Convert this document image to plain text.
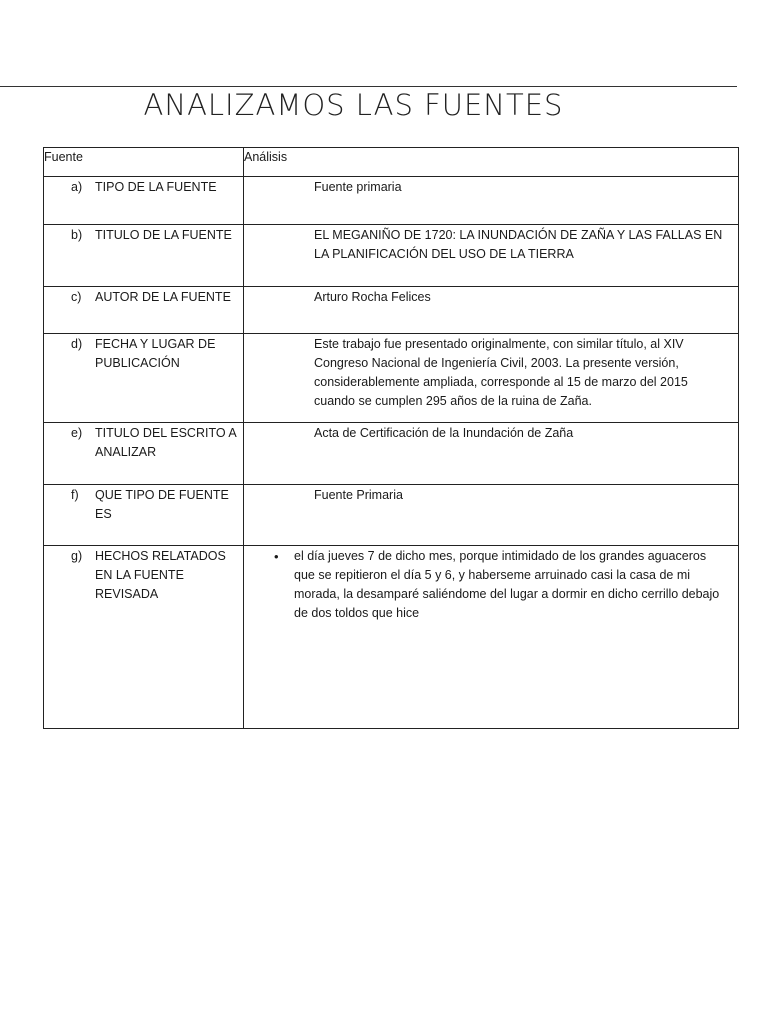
ANALIZAMOS LAS FUENTES
Fuente	Análisis

a) TIPO DE LA FUENTE	Fuente primaria

b) TITULO DE LA FUENTE	EL MEGANIÑO DE 1720: LA INUNDACIÓN DE ZAÑA Y LAS FALLAS EN LA PLANIFICACIÓN DEL USO DE LA TIERRA

c) AUTOR DE LA FUENTE	Arturo Rocha Felices

d) FECHA Y LUGAR DE PUBLICACIÓN	Este trabajo fue presentado originalmente, con similar título, al XIV Congreso Nacional de Ingeniería Civil, 2003. La presente versión, considerablemente ampliada, corresponde al 15 de marzo del 2015 cuando se cumplen 295 años de la ruina de Zaña.

e) TITULO DEL ESCRITO A ANALIZAR	Acta de Certificación de la Inundación de Zaña

f) QUE TIPO DE FUENTE ES	Fuente Primaria

g) HECHOS RELATADOS EN LA FUENTE REVISADA	• el día jueves 7 de dicho mes, porque intimidado de los grandes aguaceros que se repitieron el día 5 y 6, y haberseme arruinado casi la casa de mi morada, la desamparé saliéndome del lugar a dormir en dicho cerrillo debajo de dos toldos que hice
